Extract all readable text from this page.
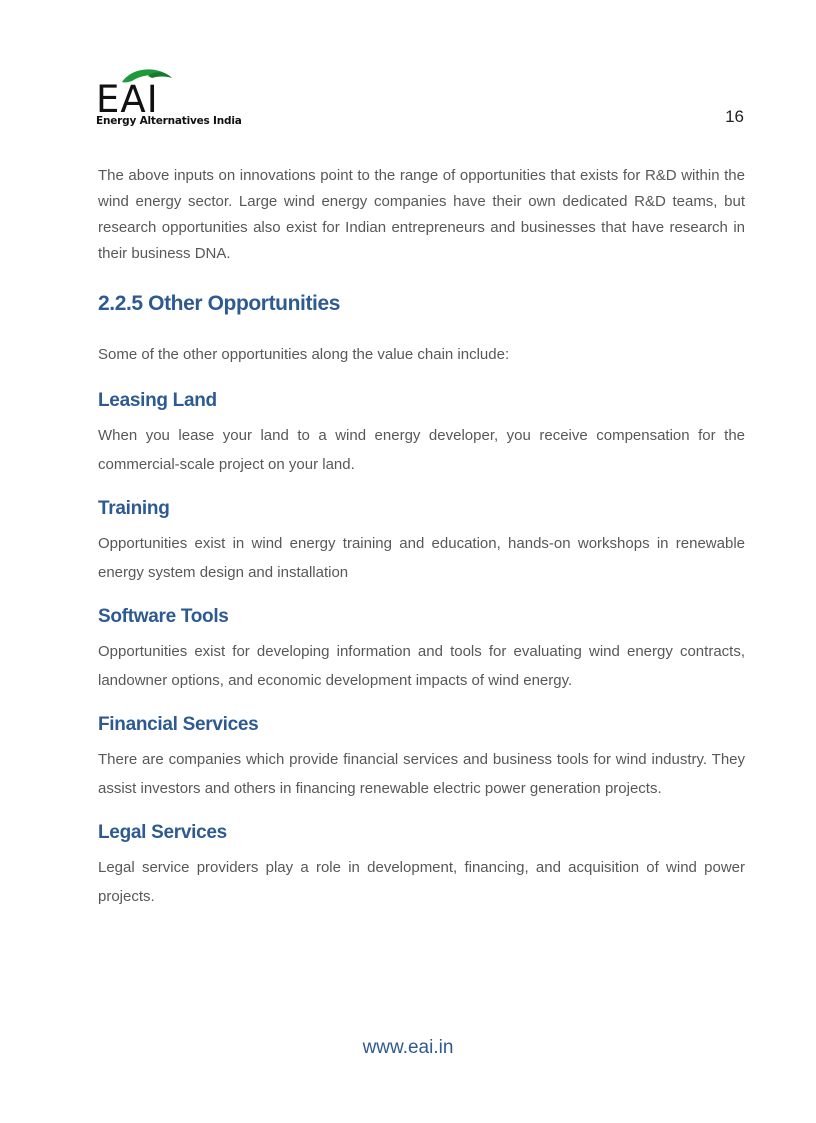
EAI
Energy Alternatives India	16

The above inputs on innovations point to the range of opportunities that exists for R&D within the wind energy sector. Large wind energy companies have their own dedicated R&D teams, but research opportunities also exist for Indian entrepreneurs and businesses that have research in their business DNA.

2.2.5 Other Opportunities

Some of the other opportunities along the value chain include:

Leasing Land

When you lease your land to a wind energy developer, you receive compensation for the commercial-scale project on your land.

Training

Opportunities exist in wind energy training and education, hands-on workshops in renewable energy system design and installation

Software Tools

Opportunities exist for developing information and tools for evaluating wind energy contracts, landowner options, and economic development impacts of wind energy.

Financial Services

There are companies which provide financial services and business tools for wind industry. They assist investors and others in financing renewable electric power generation projects.

Legal Services

Legal service providers play a role in development, financing, and acquisition of wind power projects.

www.eai.in
